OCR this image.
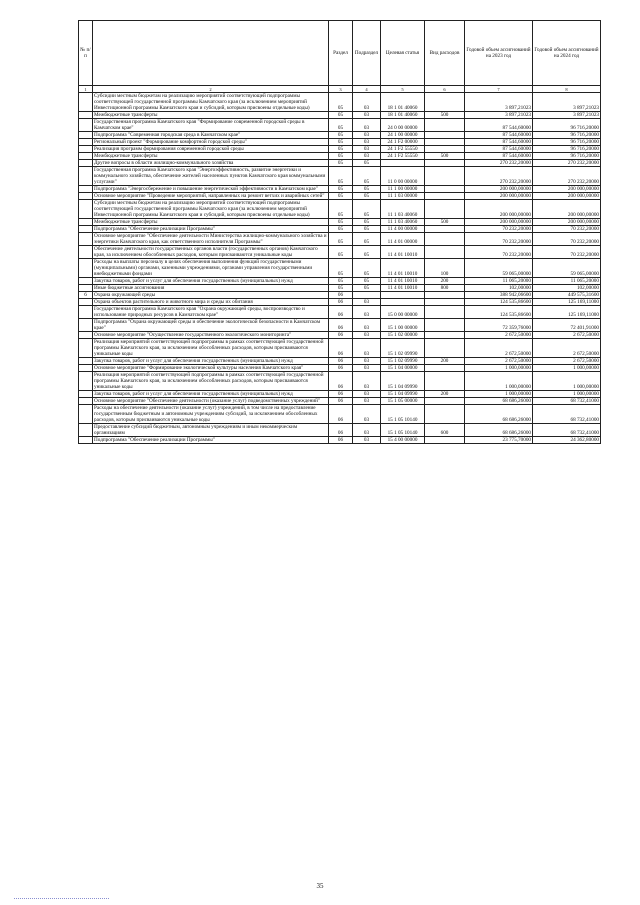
№ п/п		Раздел	Подраздел	Целевая статья	Вид расходов	Годовой объем ассигнований на 2023 год	Годовой объем ассигнований на 2024 год
1	2	3	4	5	6	7	8
	Субсидии местным бюджетам на реализацию мероприятий соответствующей подпрограммы соответствующей государственной программы Камчатского края (за исключением мероприятий Инвестиционной программы Камчатского края и субсидий, которым присвоены отдельные коды)	05	03	18 1 01 40060		3 897,21023	3 897,21023
	Межбюджетные трансферты	05	03	18 1 01 40060	500	3 897,21023	3 897,21023
	Государственная программа Камчатского края "Формирование современной городской среды в Камчатском крае"	05	03	24 0 00 00000		87 544,60000	96 716,20000
	Подпрограмма "Современная городская среда в Камчатском крае"	05	03	24 1 00 00000		87 544,60000	96 716,20000
	Региональный проект "Формирование комфортной городской среды"	05	03	24 1 F2 00000		87 544,60000	96 716,20000
	Реализация программ формирования современной городской среды	05	03	24 1 F2 55550		87 544,60000	96 716,20000
	Межбюджетные трансферты	05	03	24 1 F2 55550	500	87 544,60000	96 716,20000
	Другие вопросы в области жилищно-коммунального хозяйства	05	05			270 232,20000	270 232,20000
	Государственная программа Камчатского края "Энергоэффективность, развитие энергетики и коммунального хозяйства, обеспечение жителей населенных пунктов Камчатского края коммунальными услугами"	05	05	11 0 00 00000		270 232,20000	270 232,20000
	Подпрограмма "Энергосбережение и повышение энергетической эффективности в Камчатском крае"	05	05	11 1 00 00000		200 000,00000	200 000,00000
	Основное мероприятие "Проведение мероприятий, направленных на ремонт ветхих и аварийных сетей"	05	05	11 1 03 00000		200 000,00000	200 000,00000
	Субсидии местным бюджетам на реализацию мероприятий соответствующей подпрограммы соответствующей государственной программы Камчатского края (за исключением мероприятий Инвестиционной программы Камчатского края и субсидий, которым присвоены отдельные коды)	05	05	11 1 03 40060		200 000,00000	200 000,00000
	Межбюджетные трансферты	05	05	11 1 03 40060	500	200 000,00000	200 000,00000
	Подпрограмма "Обеспечение реализации Программы"	05	05	11 4 00 00000		70 232,20000	70 232,20000
	Основное мероприятие "Обеспечение деятельности Министерства жилищно-коммунального хозяйства и энергетики Камчатского края, как ответственного исполнителя Программы"	05	05	11 4 01 00000		70 232,20000	70 232,20000
	Обеспечение деятельности государственных органов власти (государственных органов) Камчатского края, за исключением обособленных расходов, которым присваиваются уникальные коды	05	05	11 4 01 10010		70 232,20000	70 232,20000
	Расходы на выплаты персоналу в целях обеспечения выполнения функций государственными (муниципальными) органами, казенными учреждениями, органами управления государственными внебюджетными фондами	05	05	11 4 01 10010	100	59 065,00000	59 065,00000
	Закупка товаров, работ и услуг для обеспечения государственных (муниципальных) нужд	05	05	11 4 01 10010	200	11 065,20000	11 065,20000
	Иные бюджетные ассигнования	05	05	11 4 01 10010	800	102,00000	102,00000
6	Охрана окружающей среды	06				388 942,06600	449 575,31600
	Охрана объектов растительного и животного мира и среды их обитания	06	03			124 535,86600	125 169,11000
	Государственная программа Камчатского края "Охрана окружающей среды, воспроизводство и использование природных ресурсов в Камчатском крае"	06	03	15 0 00 00000		124 535,86600	125 169,11000
	Подпрограмма "Охрана окружающей среды и обеспечение экологической безопасности в Камчатском крае"	06	03	15 1 00 00000		72 359,76000	72 401,91000
	Основное мероприятие "Осуществление государственного экологического мониторинга"	06	03	15 1 02 00000		2 672,50000	2 672,50000
	Реализация мероприятий соответствующей подпрограммы в рамках соответствующей государственной программы Камчатского края, за исключением обособленных расходов, которым присваиваются уникальные коды	06	03	15 1 02 09990		2 672,50000	2 672,50000
	Закупка товаров, работ и услуг для обеспечения государственных (муниципальных) нужд	06	03	15 1 02 09990	200	2 672,50000	2 672,50000
	Основное мероприятие "Формирование экологической культуры населения Камчатского края"	06	03	15 1 04 00000		1 000,00000	1 000,00000
	Реализация мероприятий соответствующей подпрограммы в рамках соответствующей государственной программы Камчатского края, за исключением обособленных расходов, которым присваиваются уникальные коды	06	03	15 1 04 09990		1 000,00000	1 000,00000
	Закупка товаров, работ и услуг для обеспечения государственных (муниципальных) нужд	06	03	15 1 04 09990	200	1 000,00000	1 000,00000
	Основное мероприятие "Обеспечение деятельности (оказание услуг) подведомственных учреждений"	06	03	15 1 05 00000		68 686,26000	68 732,41000
	Расходы на обеспечение деятельности (оказание услуг) учреждений, в том числе на предоставление государственным бюджетным и автономным учреждениям субсидий, за исключением обособленных расходов, которым присваиваются уникальные коды	06	03	15 1 05 10140		68 686,26000	68 732,41000
	Предоставление субсидий бюджетным, автономным учреждениям и иным некоммерческим организациям	06	03	15 1 05 10140	600	68 686,26000	68 732,41000
	Подпрограмма "Обеспечение реализации Программы"	06	03	15 4 00 00000		23 775,70000	24 362,80000
35
